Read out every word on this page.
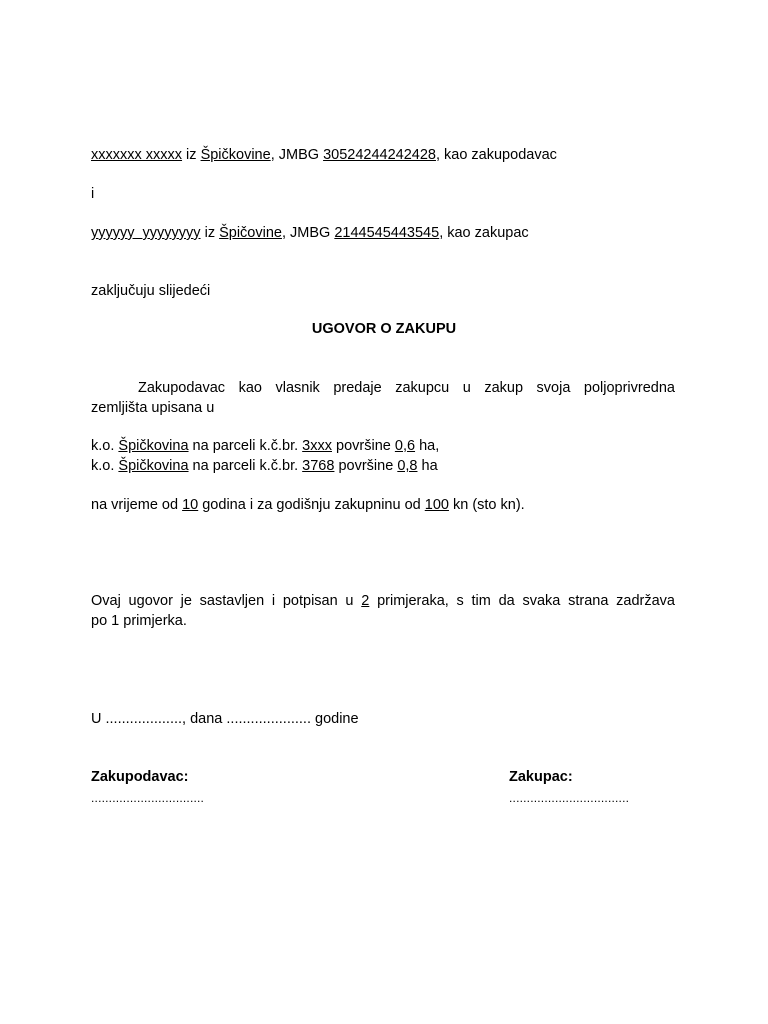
xxxxxxx xxxxx iz Špičkovine, JMBG 30524244242428, kao zakupodavac
i
yyyyyy  yyyyyyyy iz Špičovine, JMBG 2144545443545, kao zakupac
zaključuju slijedeći
UGOVOR O ZAKUPU
Zakupodavac kao vlasnik predaje zakupcu u zakup svoja poljoprivredna
zemljišta upisana u
k.o. Špičkovina na parceli k.č.br. 3xxx površine 0,6 ha,
k.o. Špičkovina na parceli k.č.br. 3768 površine 0,8 ha
na vrijeme od 10 godina i za godišnju zakupninu od 100 kn (sto kn).
Ovaj ugovor je sastavljen i potpisan u 2 primjeraka, s tim da svaka strana zadržava
po 1 primjerka.
U ..................., dana ..................... godine
Zakupodavac:
................................
Zakupac:
..................................
